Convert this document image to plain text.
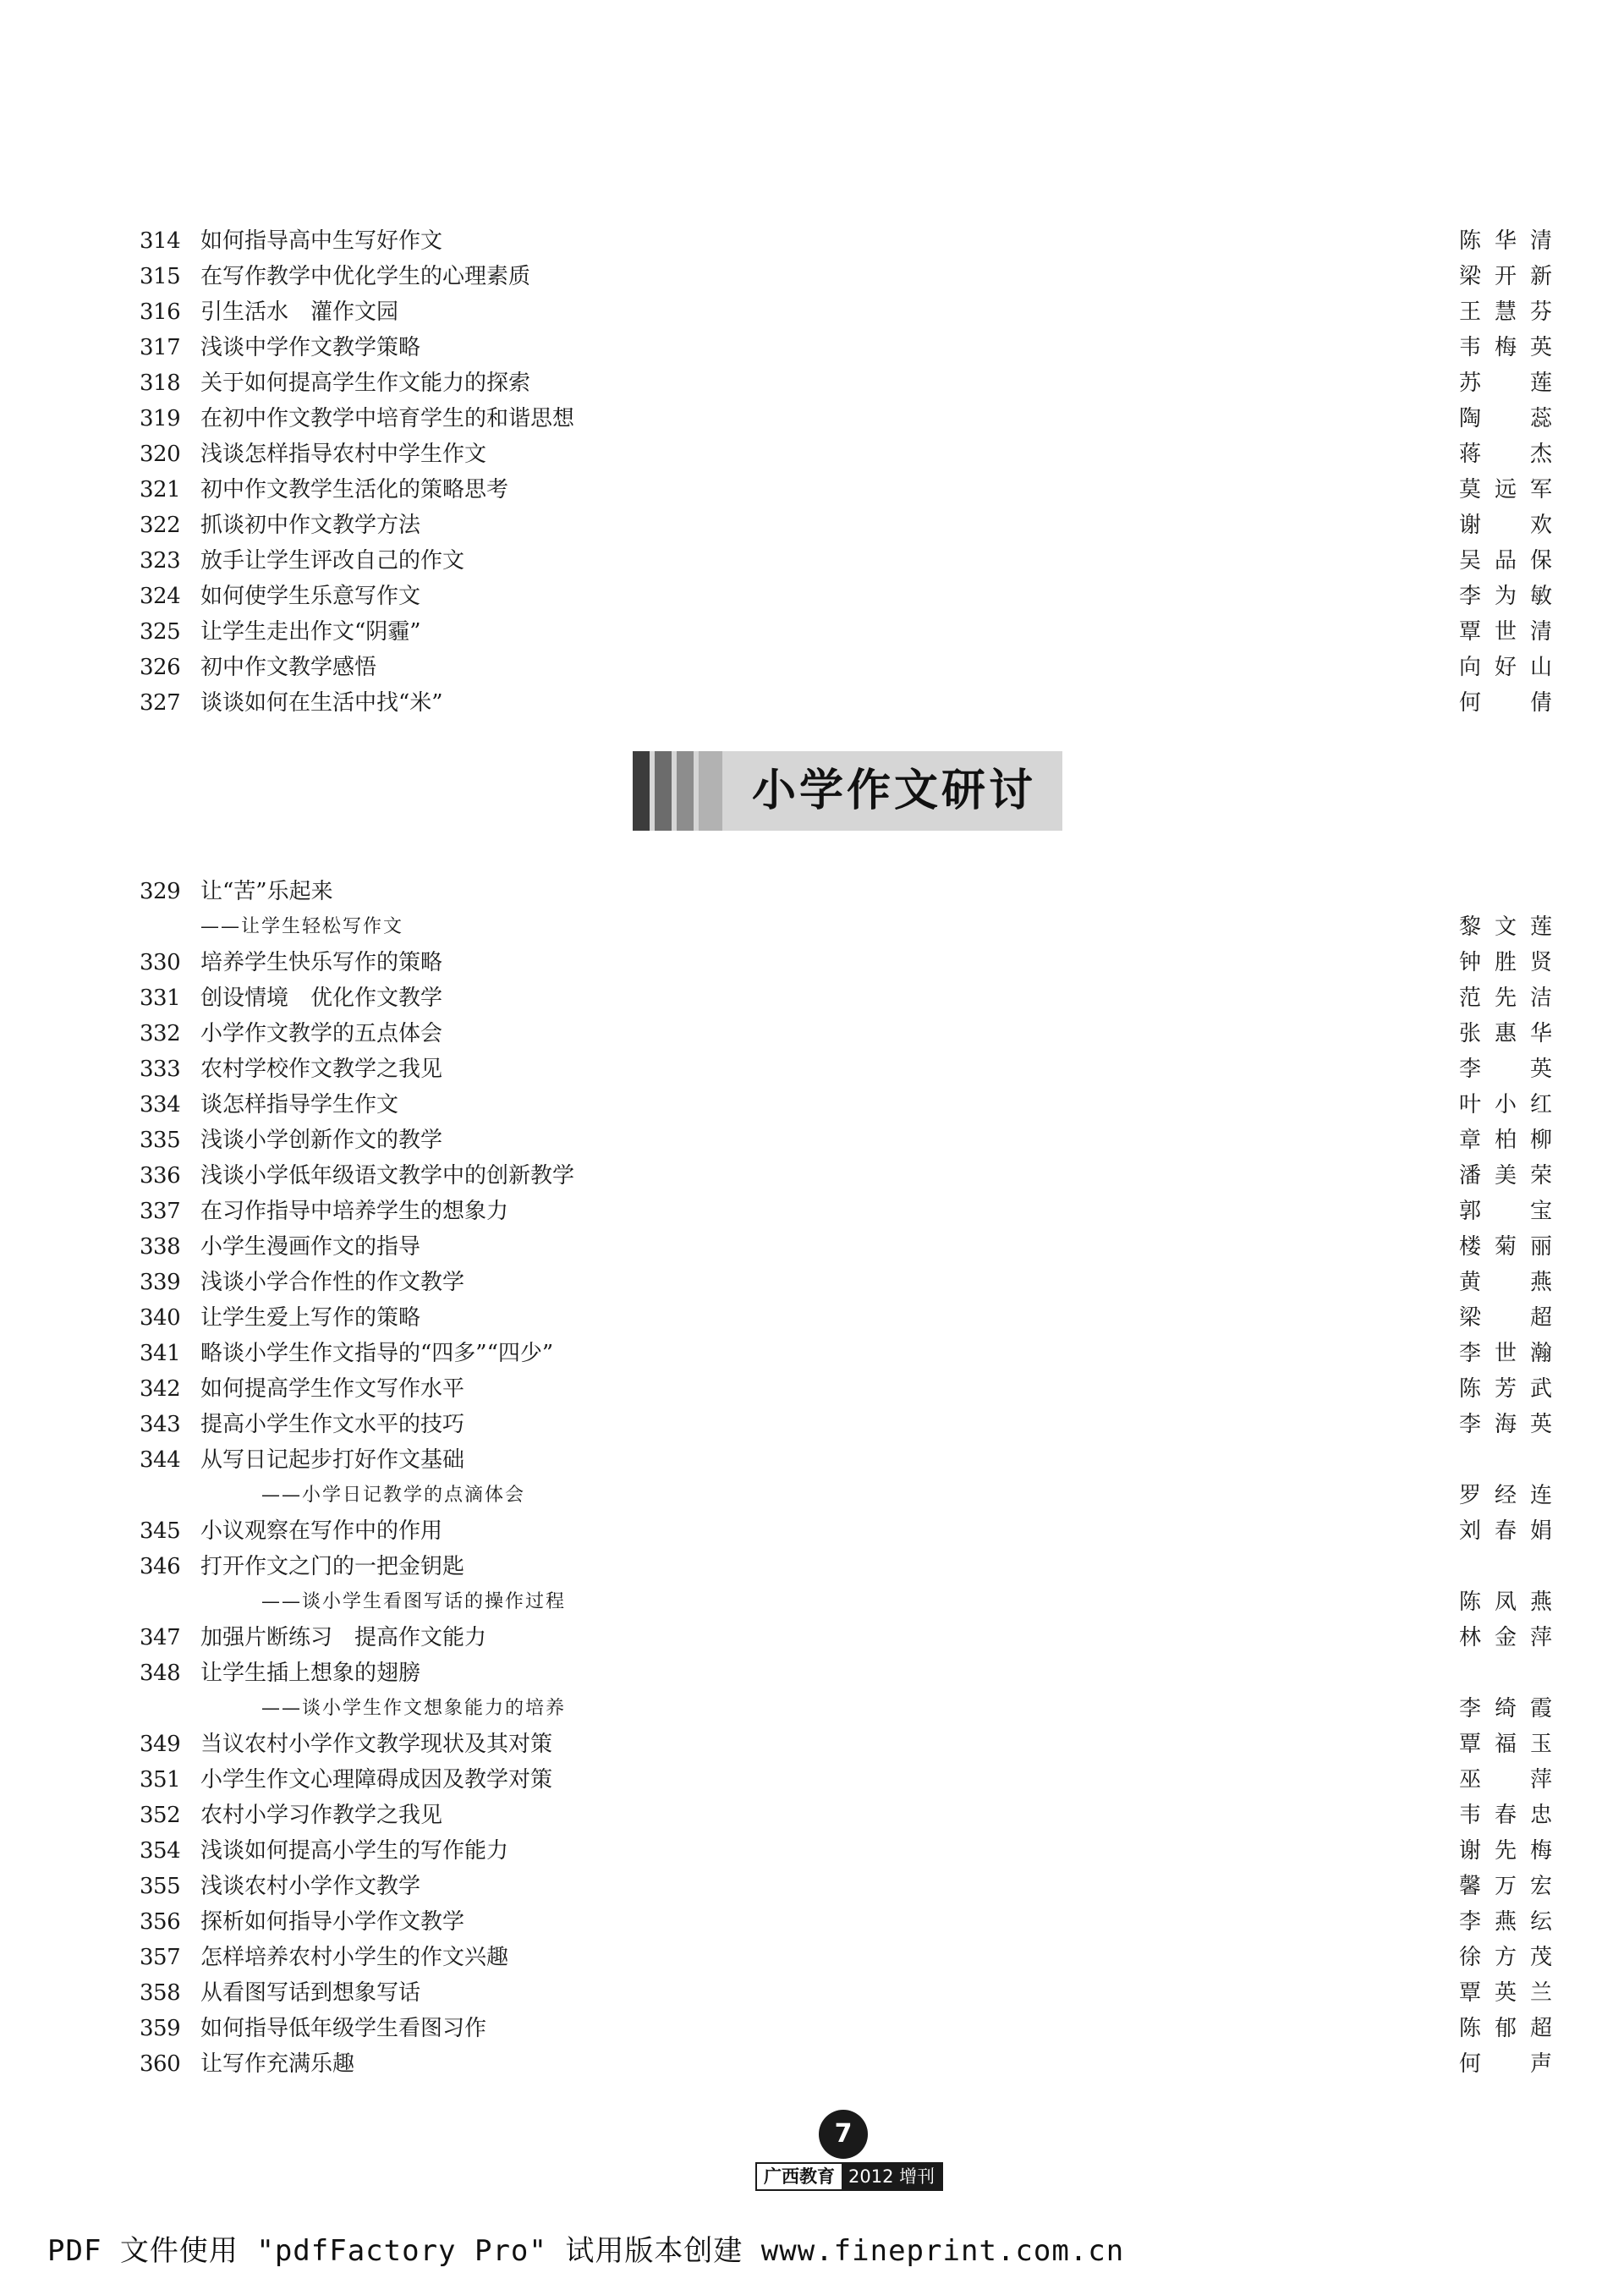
314 如何指导高中生写好作文	陈华清
315 在写作教学中优化学生的心理素质	梁开新
316 引生活水　灌作文园	王慧芬
317 浅谈中学作文教学策略	韦梅英
318 关于如何提高学生作文能力的探索	苏莲
319 在初中作文教学中培育学生的和谐思想	陶蕊
320 浅谈怎样指导农村中学生作文	蒋杰
321 初中作文教学生活化的策略思考	莫远军
322 抓谈初中作文教学方法	谢欢
323 放手让学生评改自己的作文	吴品保
324 如何使学生乐意写作文	李为敏
325 让学生走出作文“阴霾”	覃世清
326 初中作文教学感悟	向好山
327 谈谈如何在生活中找“米”	何倩
小学作文研讨
329 让“苦”乐起来
——让学生轻松写作文	黎文莲
330 培养学生快乐写作的策略	钟胜贤
331 创设情境　优化作文教学	范先洁
332 小学作文教学的五点体会	张惠华
333 农村学校作文教学之我见	李英
334 谈怎样指导学生作文	叶小红
335 浅谈小学创新作文的教学	章柏柳
336 浅谈小学低年级语文教学中的创新教学	潘美荣
337 在习作指导中培养学生的想象力	郭宝
338 小学生漫画作文的指导	楼菊丽
339 浅谈小学合作性的作文教学	黄燕
340 让学生爱上写作的策略	梁超
341 略谈小学生作文指导的“四多”“四少”	李世瀚
342 如何提高学生作文写作水平	陈芳武
343 提高小学生作文水平的技巧	李海英
344 从写日记起步打好作文基础
——小学日记教学的点滴体会	罗经连
345 小议观察在写作中的作用	刘春娟
346 打开作文之门的一把金钥匙
——谈小学生看图写话的操作过程	陈凤燕
347 加强片断练习　提高作文能力	林金萍
348 让学生插上想象的翅膀
——谈小学生作文想象能力的培养	李绮霞
349 当议农村小学作文教学现状及其对策	覃福玉
351 小学生作文心理障碍成因及教学对策	巫萍
352 农村小学习作教学之我见	韦春忠
354 浅谈如何提高小学生的写作能力	谢先梅
355 浅谈农村小学作文教学	馨万宏
356 探析如何指导小学作文教学	李燕纭
357 怎样培养农村小学生的作文兴趣	徐方茂
358 从看图写话到想象写话	覃英兰
359 如何指导低年级学生看图习作	陈郁超
360 让写作充满乐趣	何声
7
广西教育 2012 增刊
PDF 文件使用 "pdfFactory Pro" 试用版本创建 www.fineprint.com.cn
